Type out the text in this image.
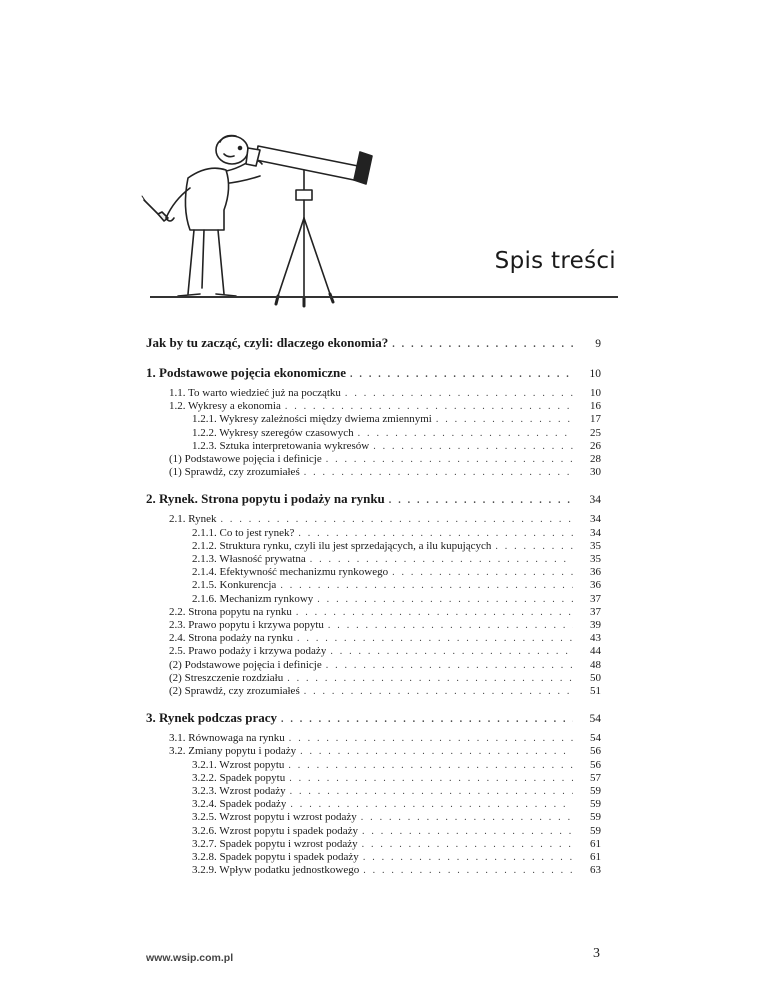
Spis treści
Jak by tu zacząć, czyli: dlaczego ekonomia? . . .	9
1. Podstawowe pojęcia ekonomiczne . . .	10
1.1. To warto wiedzieć już na początku . . .	10
1.2. Wykresy a ekonomia . . .	16
1.2.1. Wykresy zależności między dwiema zmiennymi . . .	17
1.2.2. Wykresy szeregów czasowych . . .	25
1.2.3. Sztuka interpretowania wykresów . . .	26
(1) Podstawowe pojęcia i definicje . . .	28
(1) Sprawdź, czy zrozumiałeś . . .	30
2. Rynek. Strona popytu i podaży na rynku . . .	34
2.1. Rynek . . .	34
2.1.1. Co to jest rynek? . . .	34
2.1.2. Struktura rynku, czyli ilu jest sprzedających, a ilu kupujących . . .	35
2.1.3. Własność prywatna . . .	35
2.1.4. Efektywność mechanizmu rynkowego . . .	36
2.1.5. Konkurencja . . .	36
2.1.6. Mechanizm rynkowy . . .	37
2.2. Strona popytu na rynku . . .	37
2.3. Prawo popytu i krzywa popytu . . .	39
2.4. Strona podaży na rynku . . .	43
2.5. Prawo podaży i krzywa podaży . . .	44
(2) Podstawowe pojęcia i definicje . . .	48
(2) Streszczenie rozdziału . . .	50
(2) Sprawdź, czy zrozumiałeś . . .	51
3. Rynek podczas pracy . . .	54
3.1. Równowaga na rynku . . .	54
3.2. Zmiany popytu i podaży . . .	56
3.2.1. Wzrost popytu . . .	56
3.2.2. Spadek popytu . . .	57
3.2.3. Wzrost podaży . . .	59
3.2.4. Spadek podaży . . .	59
3.2.5. Wzrost popytu i wzrost podaży . . .	59
3.2.6. Wzrost popytu i spadek podaży . . .	59
3.2.7. Spadek popytu i wzrost podaży . . .	61
3.2.8. Spadek popytu i spadek podaży . . .	61
3.2.9. Wpływ podatku jednostkowego . . .	63
www.wsip.com.pl	3
